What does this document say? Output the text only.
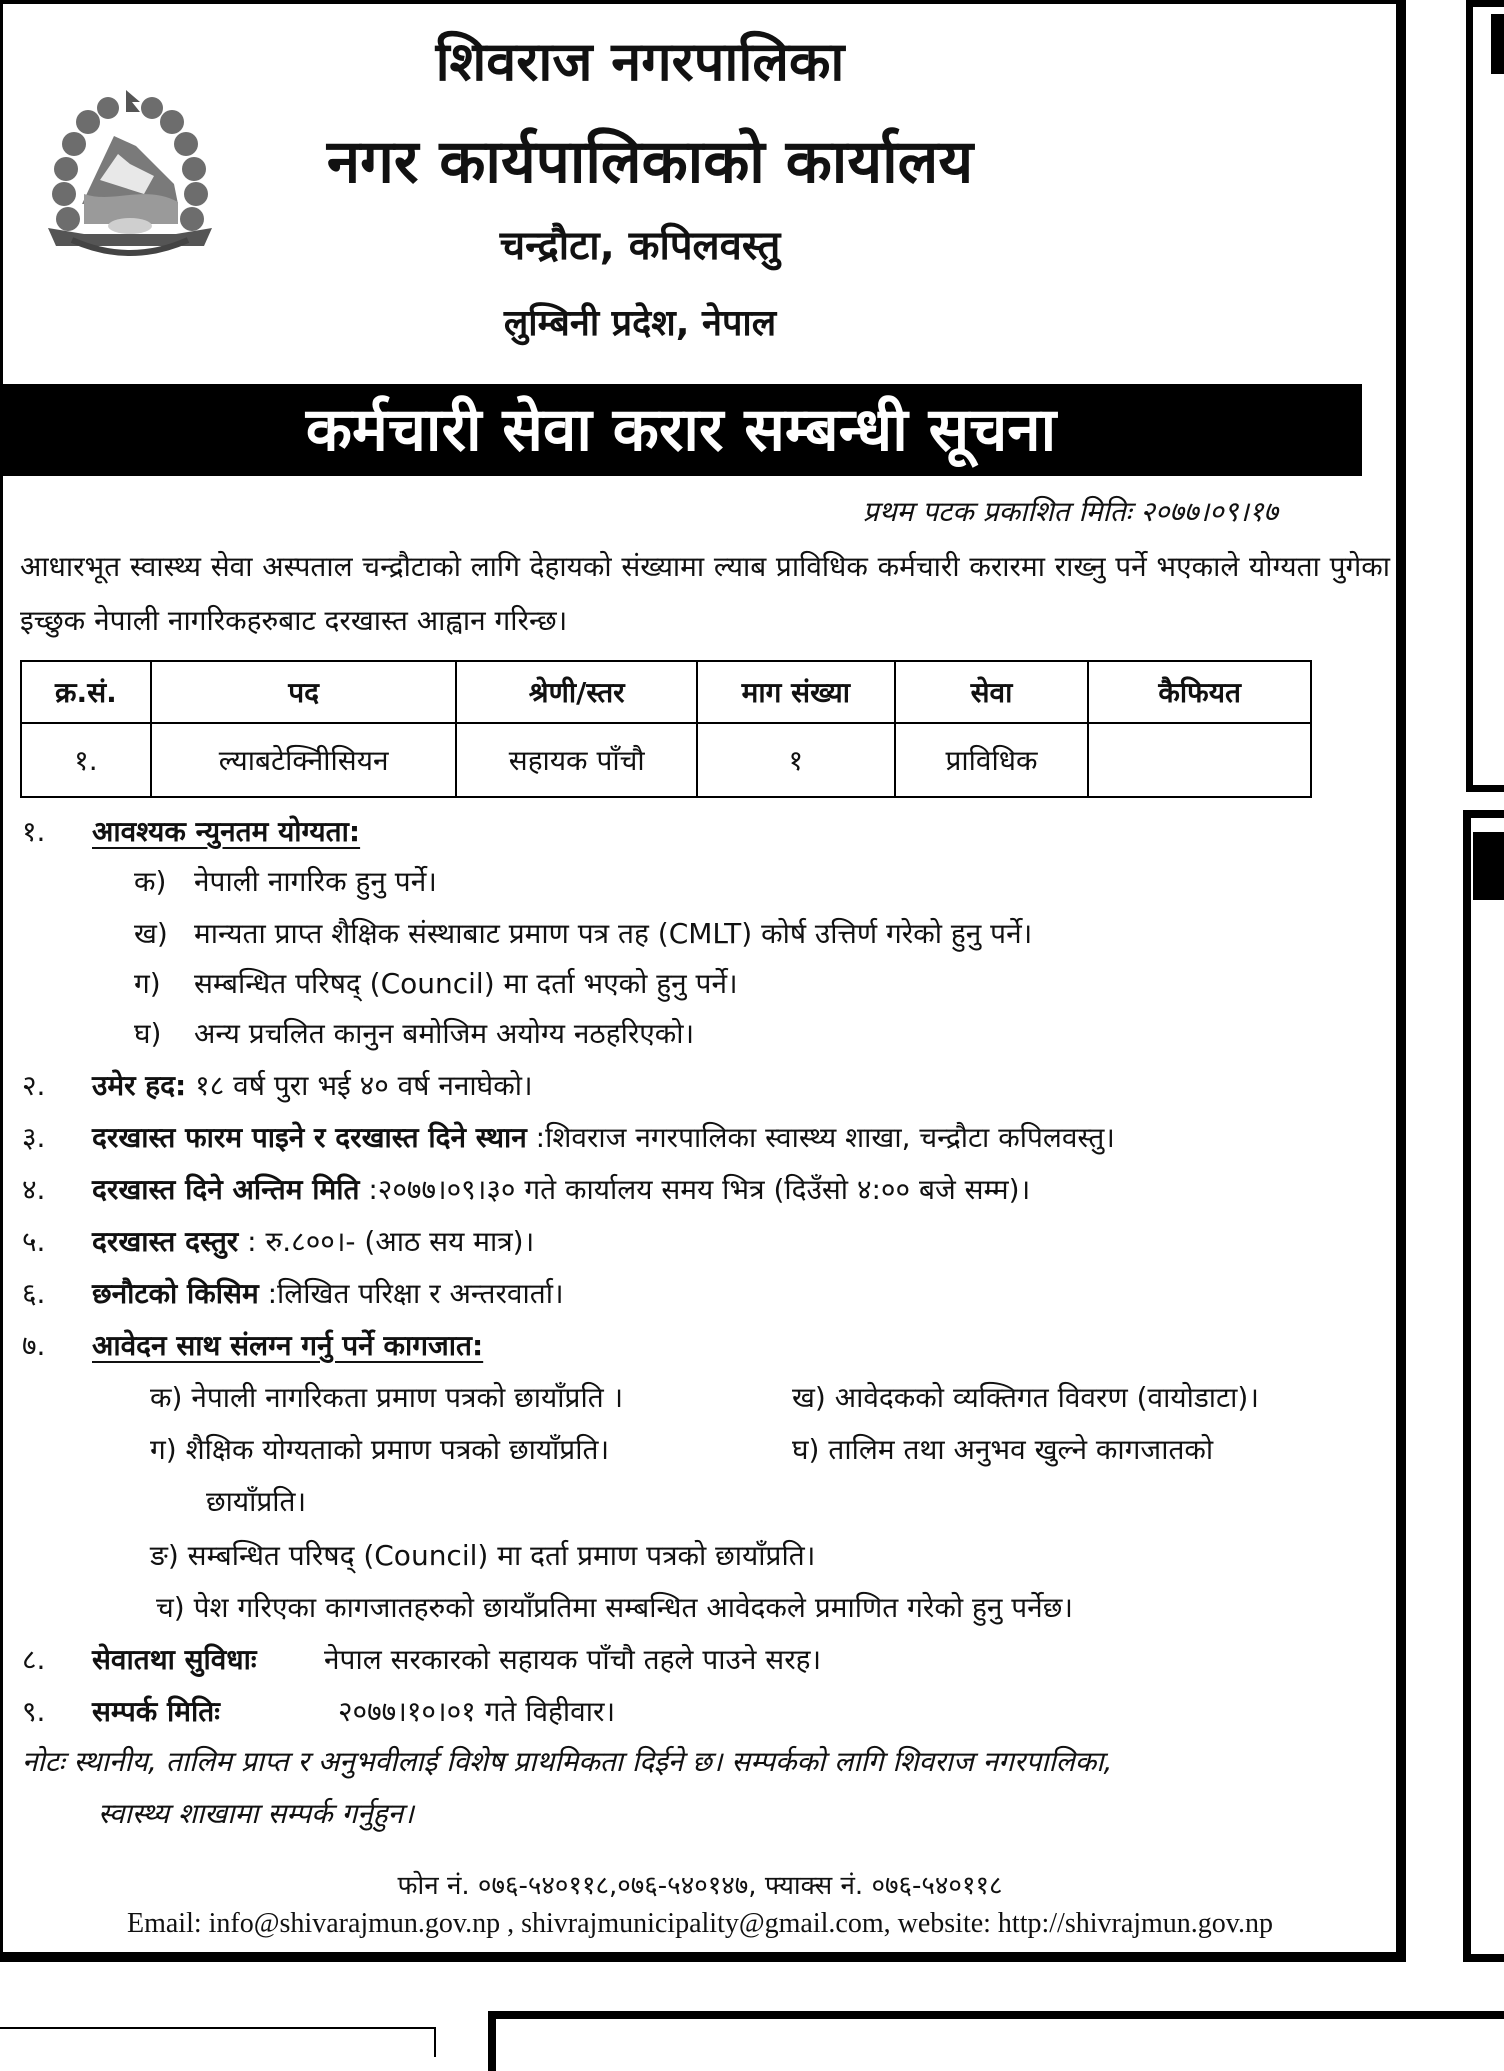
शिवराज नगरपालिका
नगर कार्यपालिकाको कार्यालय
चन्द्रौटा, कपिलवस्तु
लुम्बिनी प्रदेश, नेपाल
कर्मचारी सेवा करार सम्बन्धी सूचना
प्रथम पटक प्रकाशित मितिः २०७७।०९।१७
आधारभूत स्वास्थ्य सेवा अस्पताल चन्द्रौटाको लागि देहायको संख्यामा ल्याब प्राविधिक कर्मचारी करारमा राख्नु पर्ने भएकाले योग्यता पुगेका इच्छुक नेपाली नागरिकहरुबाट दरखास्त आह्वान गरिन्छ।
क्र.सं.	पद	श्रेणी/स्तर	माग संख्या	सेवा	कैफियत
१.	ल्याबटेक्निीसियन	सहायक पाँचौ	१	प्राविधिक	
१. आवश्यक न्युनतम योग्यता:
क) नेपाली नागरिक हुनु पर्ने।
ख) मान्यता प्राप्त शैक्षिक संस्थाबाट प्रमाण पत्र तह (CMLT) कोर्ष उत्तिर्ण गरेको हुनु पर्ने।
ग) सम्बन्धित परिषद् (Council) मा दर्ता भएको हुनु पर्ने।
घ) अन्य प्रचलित कानुन बमोजिम अयोग्य नठहरिएको।
२. उमेर हद: १८ वर्ष पुरा भई ४० वर्ष ननाघेको।
३. दरखास्त फारम पाइने र दरखास्त दिने स्थान :शिवराज नगरपालिका स्वास्थ्य शाखा, चन्द्रौटा कपिलवस्तु।
४. दरखास्त दिने अन्तिम मिति :२०७७।०९।३० गते कार्यालय समय भित्र (दिउँसो ४:०० बजे सम्म)।
५. दरखास्त दस्तुर : रु.८००।- (आठ सय मात्र)।
६. छनौटको किसिम :लिखित परिक्षा र अन्तरवार्ता।
७. आवेदन साथ संलग्न गर्नु पर्ने कागजात:
क) नेपाली नागरिकता प्रमाण पत्रको छायाँप्रति ।	ख) आवेदकको व्यक्तिगत विवरण (वायोडाटा)।
ग) शैक्षिक योग्यताको प्रमाण पत्रको छायाँप्रति।	घ) तालिम तथा अनुभव खुल्ने कागजातको
छायाँप्रति।
ङ) सम्बन्धित परिषद् (Council) मा दर्ता प्रमाण पत्रको छायाँप्रति।
च) पेश गरिएका कागजातहरुको छायाँप्रतिमा सम्बन्धित आवेदकले प्रमाणित गरेको हुनु पर्नेछ।
८. सेवातथा सुविधाः नेपाल सरकारको सहायक पाँचौ तहले पाउने सरह।
९. सम्पर्क मितिः	२०७७।१०।०१ गते विहीवार।
नोटः स्थानीय, तालिम प्राप्त र अनुभवीलाई विशेष प्राथमिकता दिईने छ। सम्पर्कको लागि शिवराज नगरपालिका,
स्वास्थ्य शाखामा सम्पर्क गर्नुहुन।
फोन नं. ०७६-५४०११८,०७६-५४०१४७, फ्याक्स नं. ०७६-५४०११८
Email: info@shivarajmun.gov.np , shivrajmunicipality@gmail.com, website: http://shivrajmun.gov.np
